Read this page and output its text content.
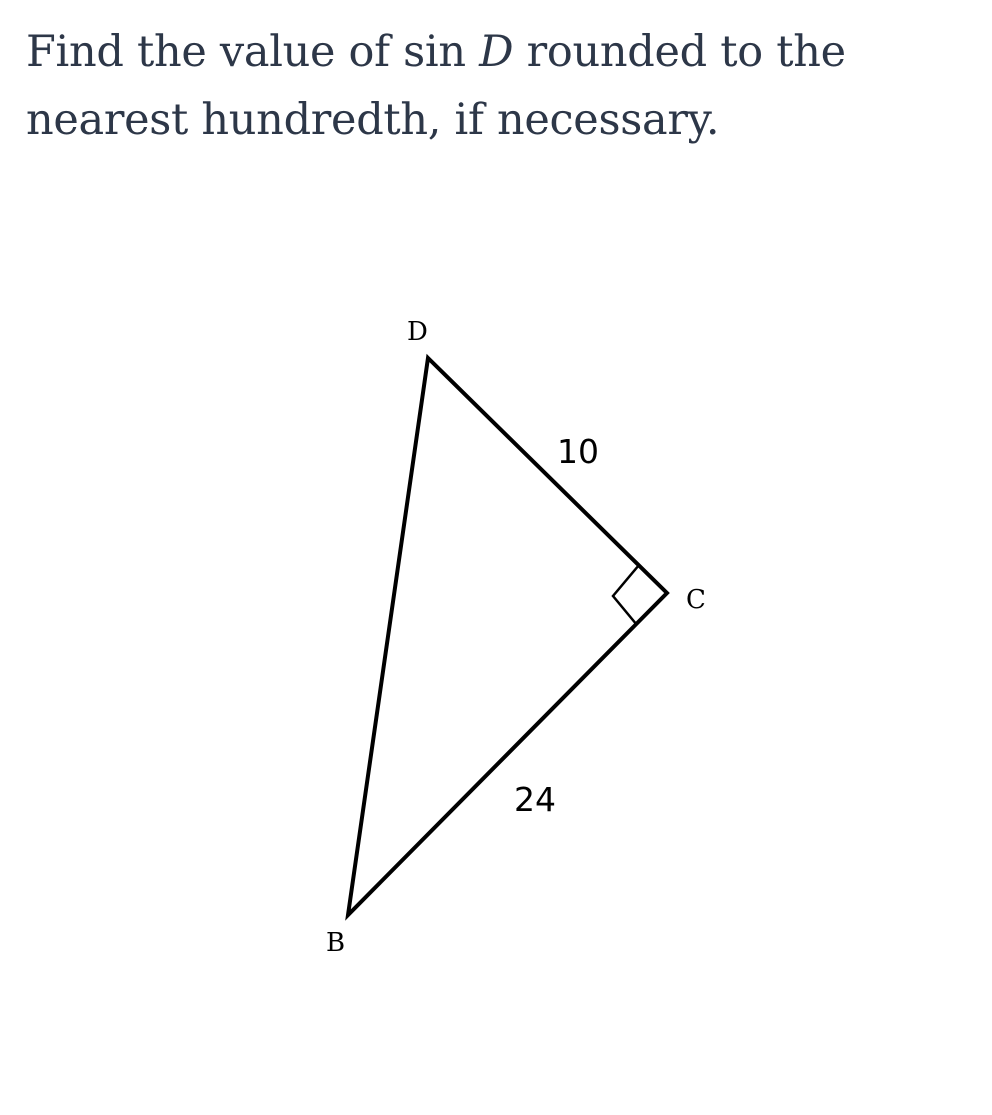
Find the value of sin D rounded to the nearest hundredth, if necessary.

D
C
B
10
24
